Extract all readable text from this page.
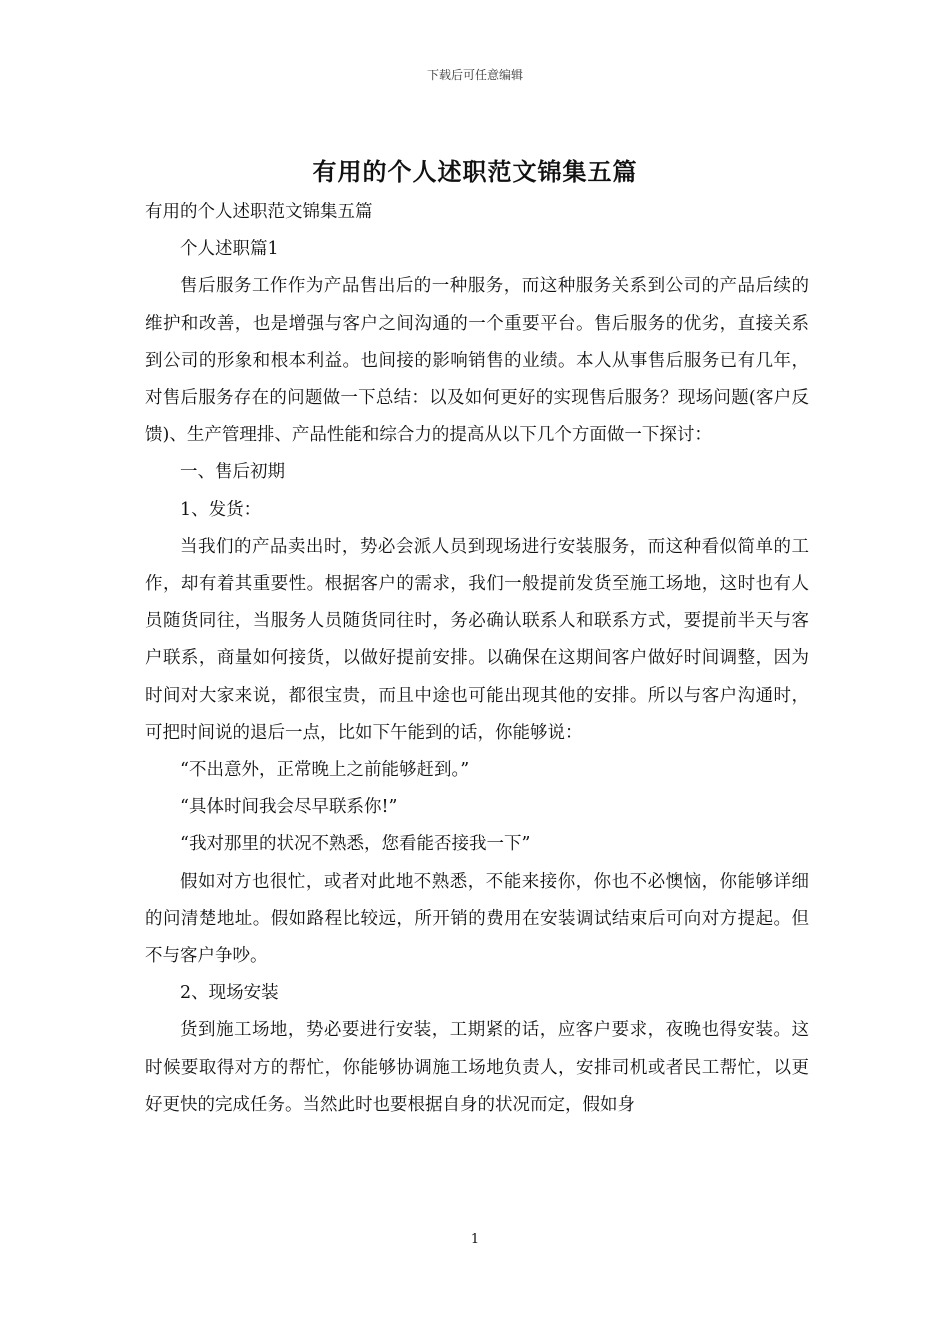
下载后可任意编辑
有用的个人述职范文锦集五篇

有用的个人述职范文锦集五篇

个人述职篇1

售后服务工作作为产品售出后的一种服务，而这种服务关系到公司的产品后续的维护和改善，也是增强与客户之间沟通的一个重要平台。售后服务的优劣，直接关系到公司的形象和根本利益。也间接的影响销售的业绩。本人从事售后服务已有几年，对售后服务存在的问题做一下总结：以及如何更好的实现售后服务？现场问题(客户反馈)、生产管理排、产品性能和综合力的提高从以下几个方面做一下探讨：

一、售后初期

1、发货：

当我们的产品卖出时，势必会派人员到现场进行安装服务，而这种看似简单的工作，却有着其重要性。根据客户的需求，我们一般提前发货至施工场地，这时也有人员随货同往，当服务人员随货同往时，务必确认联系人和联系方式，要提前半天与客户联系，商量如何接货，以做好提前安排。以确保在这期间客户做好时间调整，因为时间对大家来说，都很宝贵，而且中途也可能出现其他的安排。所以与客户沟通时，可把时间说的退后一点，比如下午能到的话，你能够说：

“不出意外，正常晚上之前能够赶到。”

“具体时间我会尽早联系你!”

“我对那里的状况不熟悉，您看能否接我一下”

假如对方也很忙，或者对此地不熟悉，不能来接你，你也不必懊恼，你能够详细的问清楚地址。假如路程比较远，所开销的费用在安装调试结束后可向对方提起。但不与客户争吵。

2、现场安装

货到施工场地，势必要进行安装，工期紧的话，应客户要求，夜晚也得安装。这时候要取得对方的帮忙，你能够协调施工场地负责人，安排司机或者民工帮忙，以更好更快的完成任务。当然此时也要根据自身的状况而定，假如身

1
